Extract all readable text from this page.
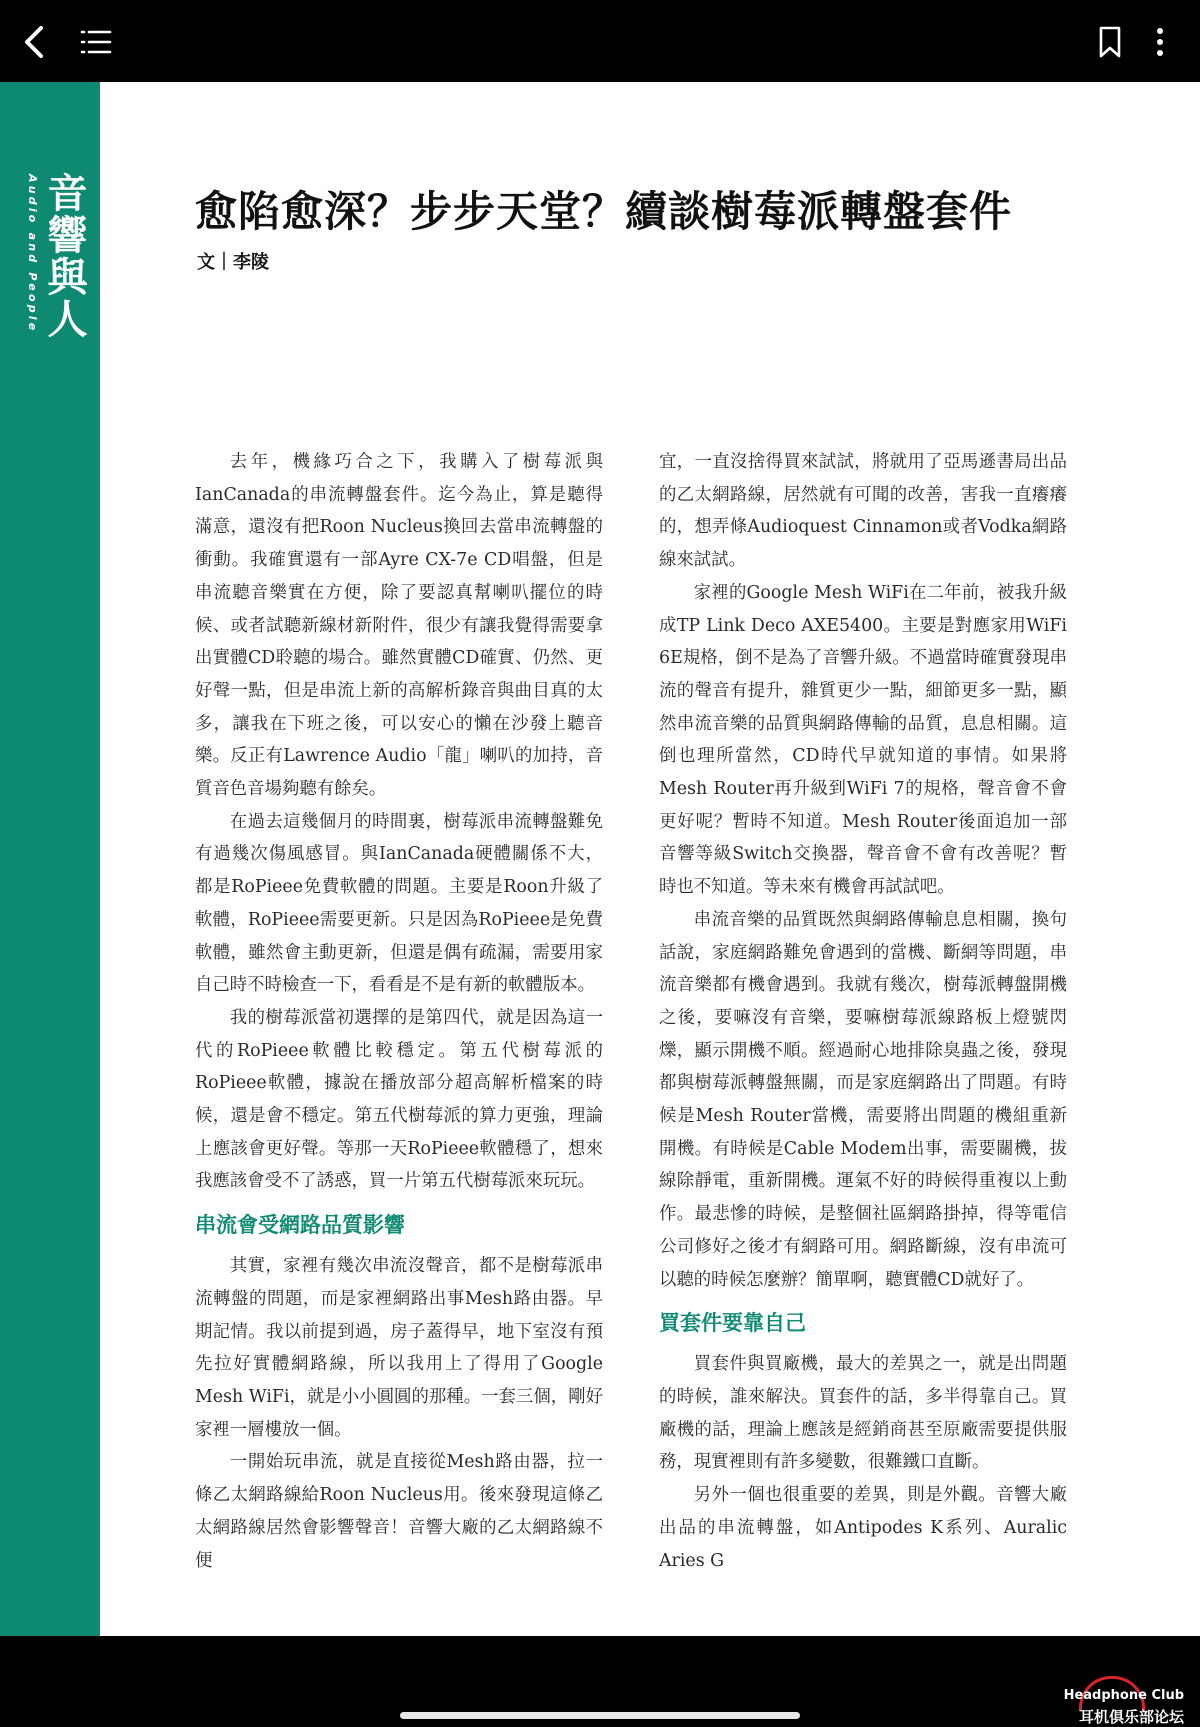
Audio and People 音響與人	愈陷愈深？步步天堂？續談樹莓派轉盤套件
文｜李陵

去年，機緣巧合之下，我購入了樹莓派與IanCanada的串流轉盤套件。迄今為止，算是聽得滿意，還沒有把Roon Nucleus換回去當串流轉盤的衝動。我確實還有一部Ayre CX-7e CD唱盤，但是串流聽音樂實在方便，除了要認真幫喇叭擺位的時候、或者試聽新線材新附件，很少有讓我覺得需要拿出實體CD聆聽的場合。雖然實體CD確實、仍然、更好聲一點，但是串流上新的高解析錄音與曲目真的太多，讓我在下班之後，可以安心的懶在沙發上聽音樂。反正有Lawrence Audio「龍」喇叭的加持，音質音色音場夠聽有餘矣。

在過去這幾個月的時間裏，樹莓派串流轉盤難免有過幾次傷風感冒。與IanCanada硬體關係不大，都是RoPieee免費軟體的問題。主要是Roon升級了軟體，RoPieee需要更新。只是因為RoPieee是免費軟體，雖然會主動更新，但還是偶有疏漏，需要用家自己時不時檢查一下，看看是不是有新的軟體版本。

我的樹莓派當初選擇的是第四代，就是因為這一代的RoPieee軟體比較穩定。第五代樹莓派的RoPieee軟體，據說在播放部分超高解析檔案的時候，還是會不穩定。第五代樹莓派的算力更強，理論上應該會更好聲。等那一天RoPieee軟體穩了，想來我應該會受不了誘惑，買一片第五代樹莓派來玩玩。

串流會受網路品質影響

其實，家裡有幾次串流沒聲音，都不是樹莓派串流轉盤的問題，而是家裡網路出事Mesh路由器。早期記情。我以前提到過，房子蓋得早，地下室沒有預先拉好實體網路線，所以我用上了得用了Google Mesh WiFi，就是小小圓圓的那種。一套三個，剛好家裡一層樓放一個。

一開始玩串流，就是直接從Mesh路由器，拉一條乙太網路線給Roon Nucleus用。後來發現這條乙太網路線居然會影響聲音！音響大廠的乙太網路線不便

宜，一直沒捨得買來試試，將就用了亞馬遜書局出品的乙太網路線，居然就有可聞的改善，害我一直癢癢的，想弄條Audioquest Cinnamon或者Vodka網路線來試試。

家裡的Google Mesh WiFi在二年前，被我升級成TP Link Deco AXE5400。主要是對應家用WiFi 6E規格，倒不是為了音響升級。不過當時確實發現串流的聲音有提升，雜質更少一點，細節更多一點，顯然串流音樂的品質與網路傳輸的品質，息息相關。這倒也理所當然，CD時代早就知道的事情。如果將Mesh Router再升級到WiFi 7的規格，聲音會不會更好呢？暫時不知道。Mesh Router後面追加一部音響等級Switch交換器，聲音會不會有改善呢？暫時也不知道。等未來有機會再試試吧。

串流音樂的品質既然與網路傳輸息息相關，換句話說，家庭網路難免會遇到的當機、斷網等問題，串流音樂都有機會遇到。我就有幾次，樹莓派轉盤開機之後，要嘛沒有音樂，要嘛樹莓派線路板上燈號閃爍，顯示開機不順。經過耐心地排除臭蟲之後，發現都與樹莓派轉盤無關，而是家庭網路出了問題。有時候是Mesh Router當機，需要將出問題的機組重新開機。有時候是Cable Modem出事，需要關機，拔線除靜電，重新開機。運氣不好的時候得重複以上動作。最悲慘的時候，是整個社區網路掛掉，得等電信公司修好之後才有網路可用。網路斷線，沒有串流可以聽的時候怎麼辦？簡單啊，聽實體CD就好了。

買套件要靠自己

買套件與買廠機，最大的差異之一，就是出問題的時候，誰來解決。買套件的話，多半得靠自己。買廠機的話，理論上應該是經銷商甚至原廠需要提供服務，現實裡則有許多變數，很難鐵口直斷。

另外一個也很重要的差異，則是外觀。音響大廠出品的串流轉盤，如Antipodes K系列、Auralic Aries G

Headphone Club
耳机俱乐部论坛
